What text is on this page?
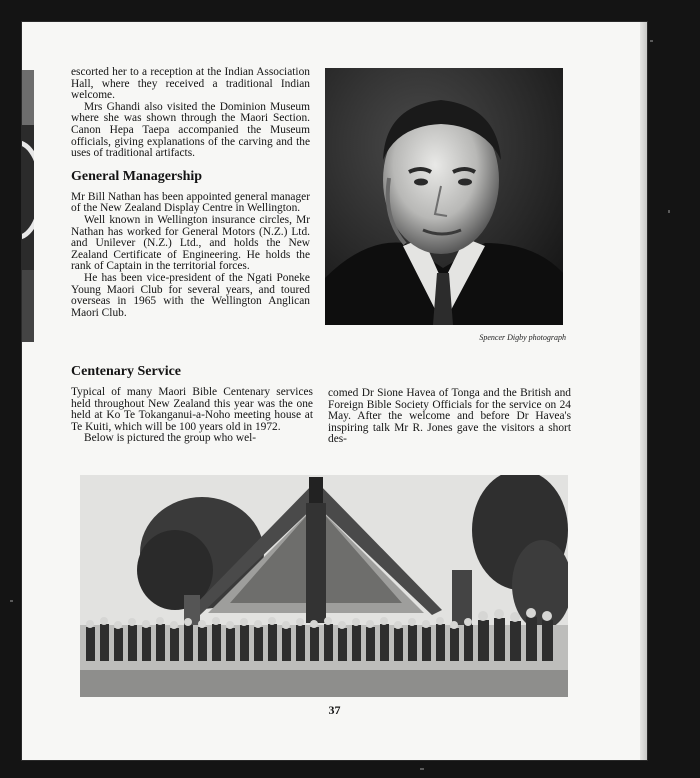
escorted her to a reception at the Indian Association Hall, where they received a traditional Indian welcome.

Mrs Ghandi also visited the Dominion Museum where she was shown through the Maori Section. Canon Hepa Taepa accompanied the Museum officials, giving explanations of the carving and the uses of traditional artifacts.

General Managership

Mr Bill Nathan has been appointed general manager of the New Zealand Display Centre in Wellington.

Well known in Wellington insurance circles, Mr Nathan has worked for General Motors (N.Z.) Ltd. and Unilever (N.Z.) Ltd., and holds the New Zealand Certificate of Engineering. He holds the rank of Captain in the territorial forces.

He has been vice-president of the Ngati Poneke Young Maori Club for several years, and toured overseas in 1965 with the Wellington Anglican Maori Club.

Spencer Digby photograph
Centenary Service

Typical of many Maori Bible Centenary services held throughout New Zealand this year was the one held at Ko Te Tokanganui-a-Noho meeting house at Te Kuiti, which will be 100 years old in 1972.

Below is pictured the group who wel-

comed Dr Sione Havea of Tonga and the British and Foreign Bible Society Officials for the service on 24 May. After the welcome and before Dr Havea's inspiring talk Mr R. Jones gave the visitors a short des-

37
